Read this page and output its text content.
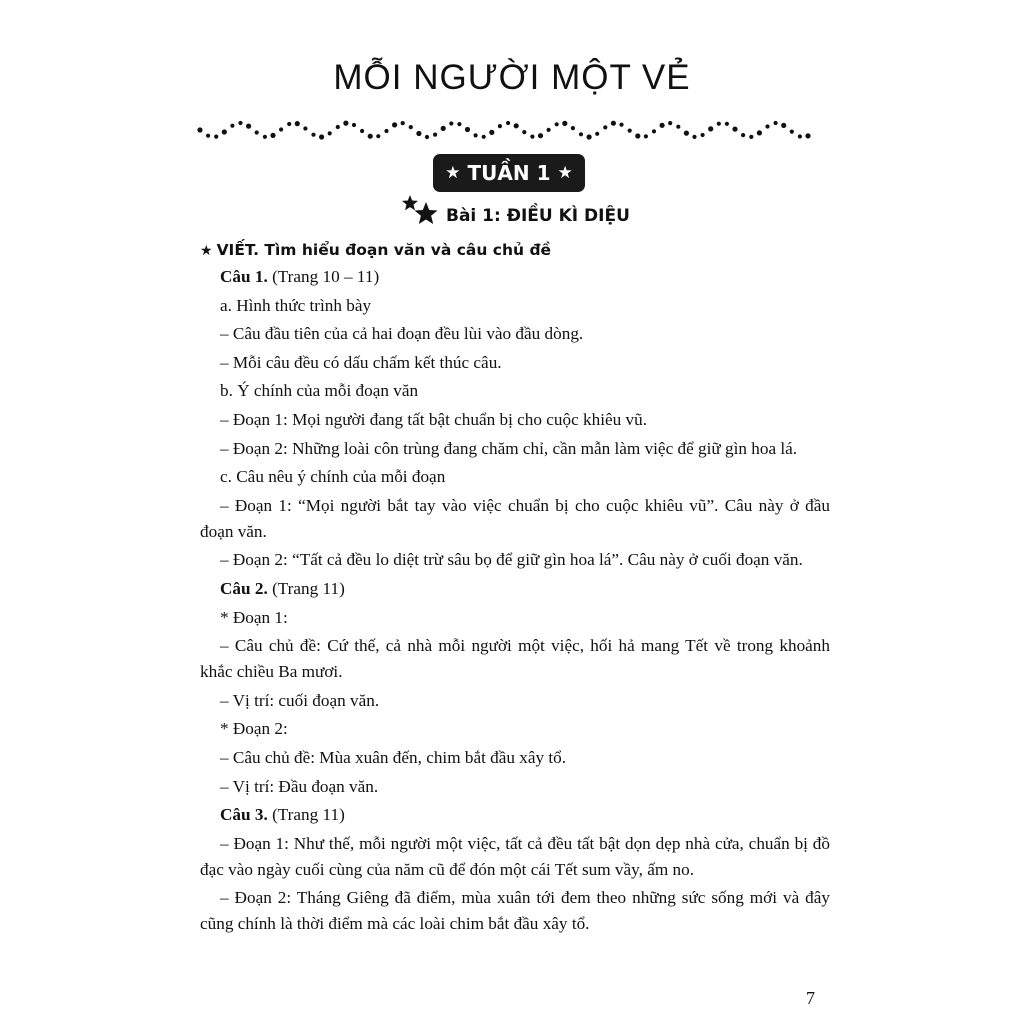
MỖI NGƯỜI MỘT VẺ
★ TUẦN 1 ★
Bài 1: ĐIỀU KÌ DIỆU
★ VIẾT. Tìm hiểu đoạn văn và câu chủ đề

Câu 1. (Trang 10 – 11)

a. Hình thức trình bày

– Câu đầu tiên của cả hai đoạn đều lùi vào đầu dòng.

– Mỗi câu đều có dấu chấm kết thúc câu.

b. Ý chính của mỗi đoạn văn

– Đoạn 1: Mọi người đang tất bật chuẩn bị cho cuộc khiêu vũ.

– Đoạn 2: Những loài côn trùng đang chăm chỉ, cần mẫn làm việc để giữ gìn hoa lá.

c. Câu nêu ý chính của mỗi đoạn

– Đoạn 1: “Mọi người bắt tay vào việc chuẩn bị cho cuộc khiêu vũ”. Câu này ở đầu đoạn văn.

– Đoạn 2: “Tất cả đều lo diệt trừ sâu bọ để giữ gìn hoa lá”. Câu này ở cuối đoạn văn.

Câu 2. (Trang 11)

* Đoạn 1:

– Câu chủ đề: Cứ thế, cả nhà mỗi người một việc, hối hả mang Tết về trong khoảnh khắc chiều Ba mươi.

– Vị trí: cuối đoạn văn.

* Đoạn 2:

– Câu chủ đề: Mùa xuân đến, chim bắt đầu xây tổ.

– Vị trí: Đầu đoạn văn.

Câu 3. (Trang 11)

– Đoạn 1: Như thế, mỗi người một việc, tất cả đều tất bật dọn dẹp nhà cửa, chuẩn bị đồ đạc vào ngày cuối cùng của năm cũ để đón một cái Tết sum vầy, ấm no.

– Đoạn 2: Tháng Giêng đã điểm, mùa xuân tới đem theo những sức sống mới và đây cũng chính là thời điểm mà các loài chim bắt đầu xây tổ.

7
